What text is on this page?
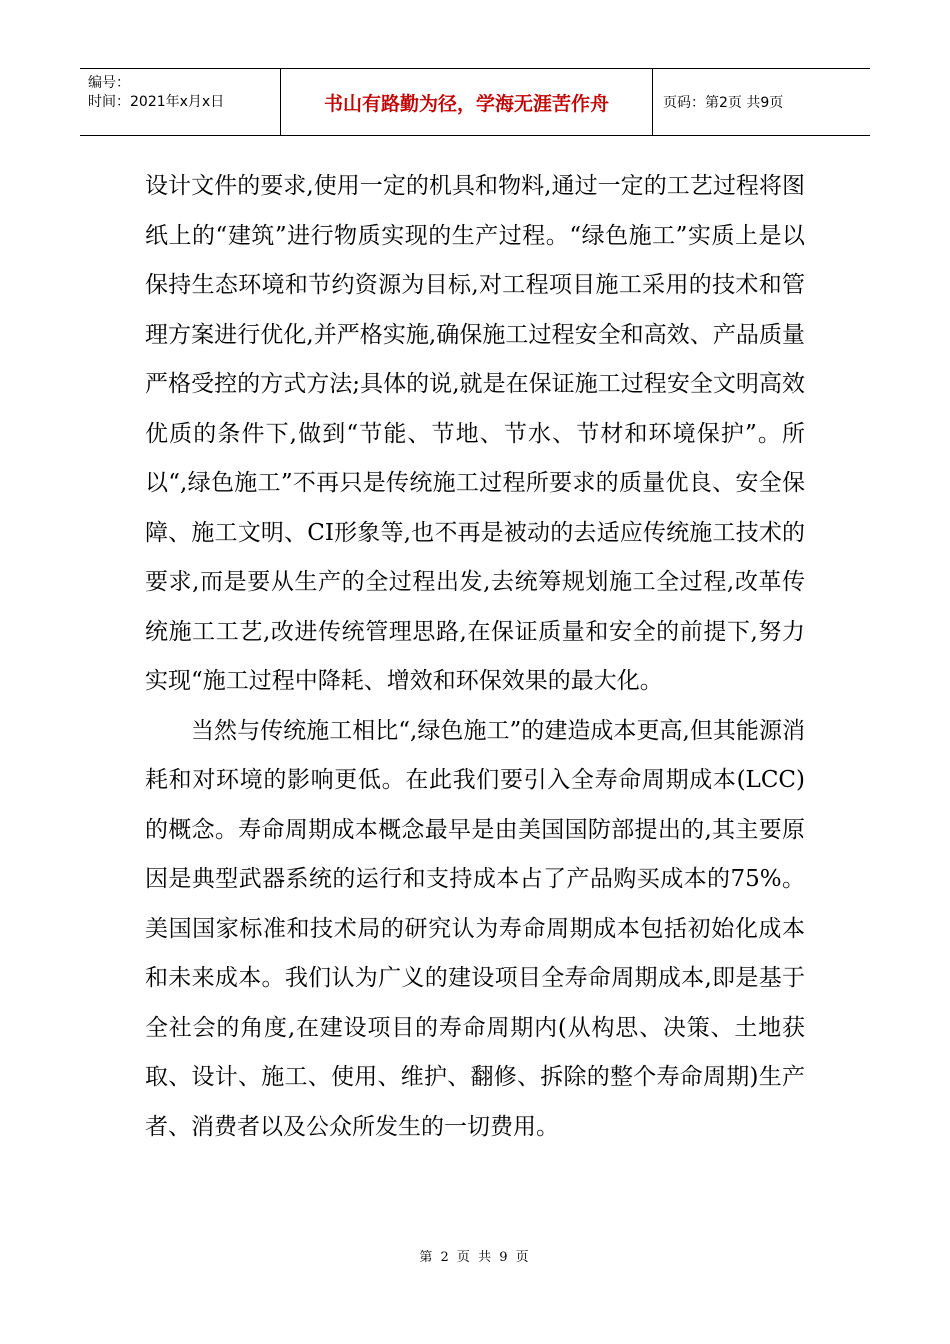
编号：
时间：2021年x月x日	书山有路勤为径，学海无涯苦作舟	页码：第2页 共9页

设计文件的要求,使用一定的机具和物料,通过一定的工艺过程将图纸上的“建筑”进行物质实现的生产过程。“绿色施工”实质上是以保持生态环境和节约资源为目标,对工程项目施工采用的技术和管理方案进行优化,并严格实施,确保施工过程安全和高效、产品质量严格受控的方式方法;具体的说,就是在保证施工过程安全文明高效优质的条件下,做到“节能、节地、节水、节材和环境保护”。所以“,绿色施工”不再只是传统施工过程所要求的质量优良、安全保障、施工文明、CI形象等,也不再是被动的去适应传统施工技术的要求,而是要从生产的全过程出发,去统筹规划施工全过程,改革传统施工工艺,改进传统管理思路,在保证质量和安全的前提下,努力实现“施工过程中降耗、增效和环保效果的最大化。

当然与传统施工相比“,绿色施工”的建造成本更高,但其能源消耗和对环境的影响更低。在此我们要引入全寿命周期成本(LCC)的概念。寿命周期成本概念最早是由美国国防部提出的,其主要原因是典型武器系统的运行和支持成本占了产品购买成本的75%。美国国家标准和技术局的研究认为寿命周期成本包括初始化成本和未来成本。我们认为广义的建设项目全寿命周期成本,即是基于全社会的角度,在建设项目的寿命周期内(从构思、决策、土地获取、设计、施工、使用、维护、翻修、拆除的整个寿命周期)生产者、消费者以及公众所发生的一切费用。

第 2 页 共 9 页
